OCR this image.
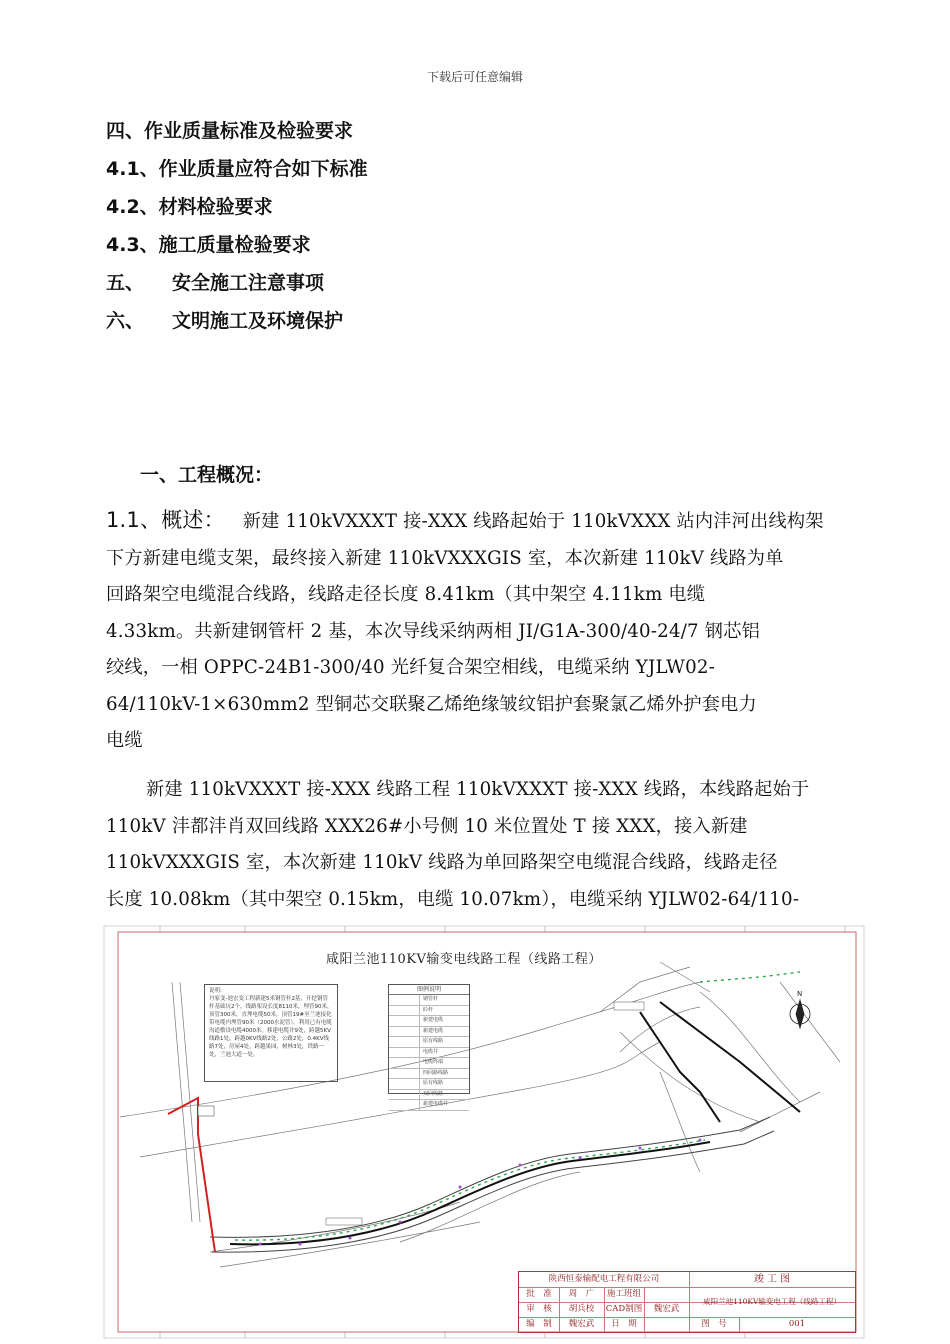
下载后可任意编辑
四、作业质量标准及检验要求
4.1、作业质量应符合如下标准
4.2、材料检验要求
4.3、施工质量检验要求
五、 安全施工注意事项
六、 文明施工及环境保护
一、工程概况：
1.1、概述： 新建 110kVXXXT 接-XXX 线路起始于 110kVXXX 站内沣河出线构架
下方新建电缆支架，最终接入新建 110kVXXXGIS 室，本次新建 110kV 线路为单
回路架空电缆混合线路，线路走径长度 8.41km（其中架空 4.11km 电缆
4.33km。共新建钢管杆 2 基，本次导线采纳两相 JI/G1A-300/40-24/7 钢芯铝
绞线，一相 OPPC-24B1-300/40 光纤复合架空相线，电缆采纳 YJLW02-
64/110kV-1×630mm2 型铜芯交联聚乙烯绝缘皱纹铝护套聚氯乙烯外护套电力
电缆
新建 110kVXXXT 接-XXX 线路工程 110kVXXXT 接-XXX 线路，本线路起始于
110kV 沣都沣肖双回线路 XXX26#小号侧 10 米位置处 T 接 XXX，接入新建
110kVXXXGIS 室，本次新建 110kV 线路为单回路架空电缆混合线路，线路走径
长度 10.08km（其中架空 0.15km，电缆 10.07km），电缆采纳 YJLW02-64/110-
N
咸阳兰池110KV输变电线路工程（线路工程）
说明:
丹家变-池宏变工程新建5米钢管杆2基，开挖钢管杆基础坑2个，线路架设长度8110米，埋管90米，顶管300米，直埋电缆50米，顶管19#至兰池接化带电缆内埋管90米（2000水泥管）。利用已有电缆沟道敷设电缆4000米。移建电缆井9处，跨越5KV线路1处，跨越0KV线路2处，公路2处，0.4KV线路7处，房屋4处，跨越果园，树林3处，铁路一处，兰池大道一处。
图例说明
钢管杆
砼杆
新建电缆
新建电缆
原有线路
电缆井
电缆终端
四回路线路
原有线路
双回线路
新建电缆井
陕西恒泰输配电工程有限公司	竣 工 图
批　准	周　广	施工班组
咸阳兰池110KV输变电工程（线路工程）
审　核	胡兵校	CAD制图	魏宏武
编　制	魏宏武	日　期	图　号	001
